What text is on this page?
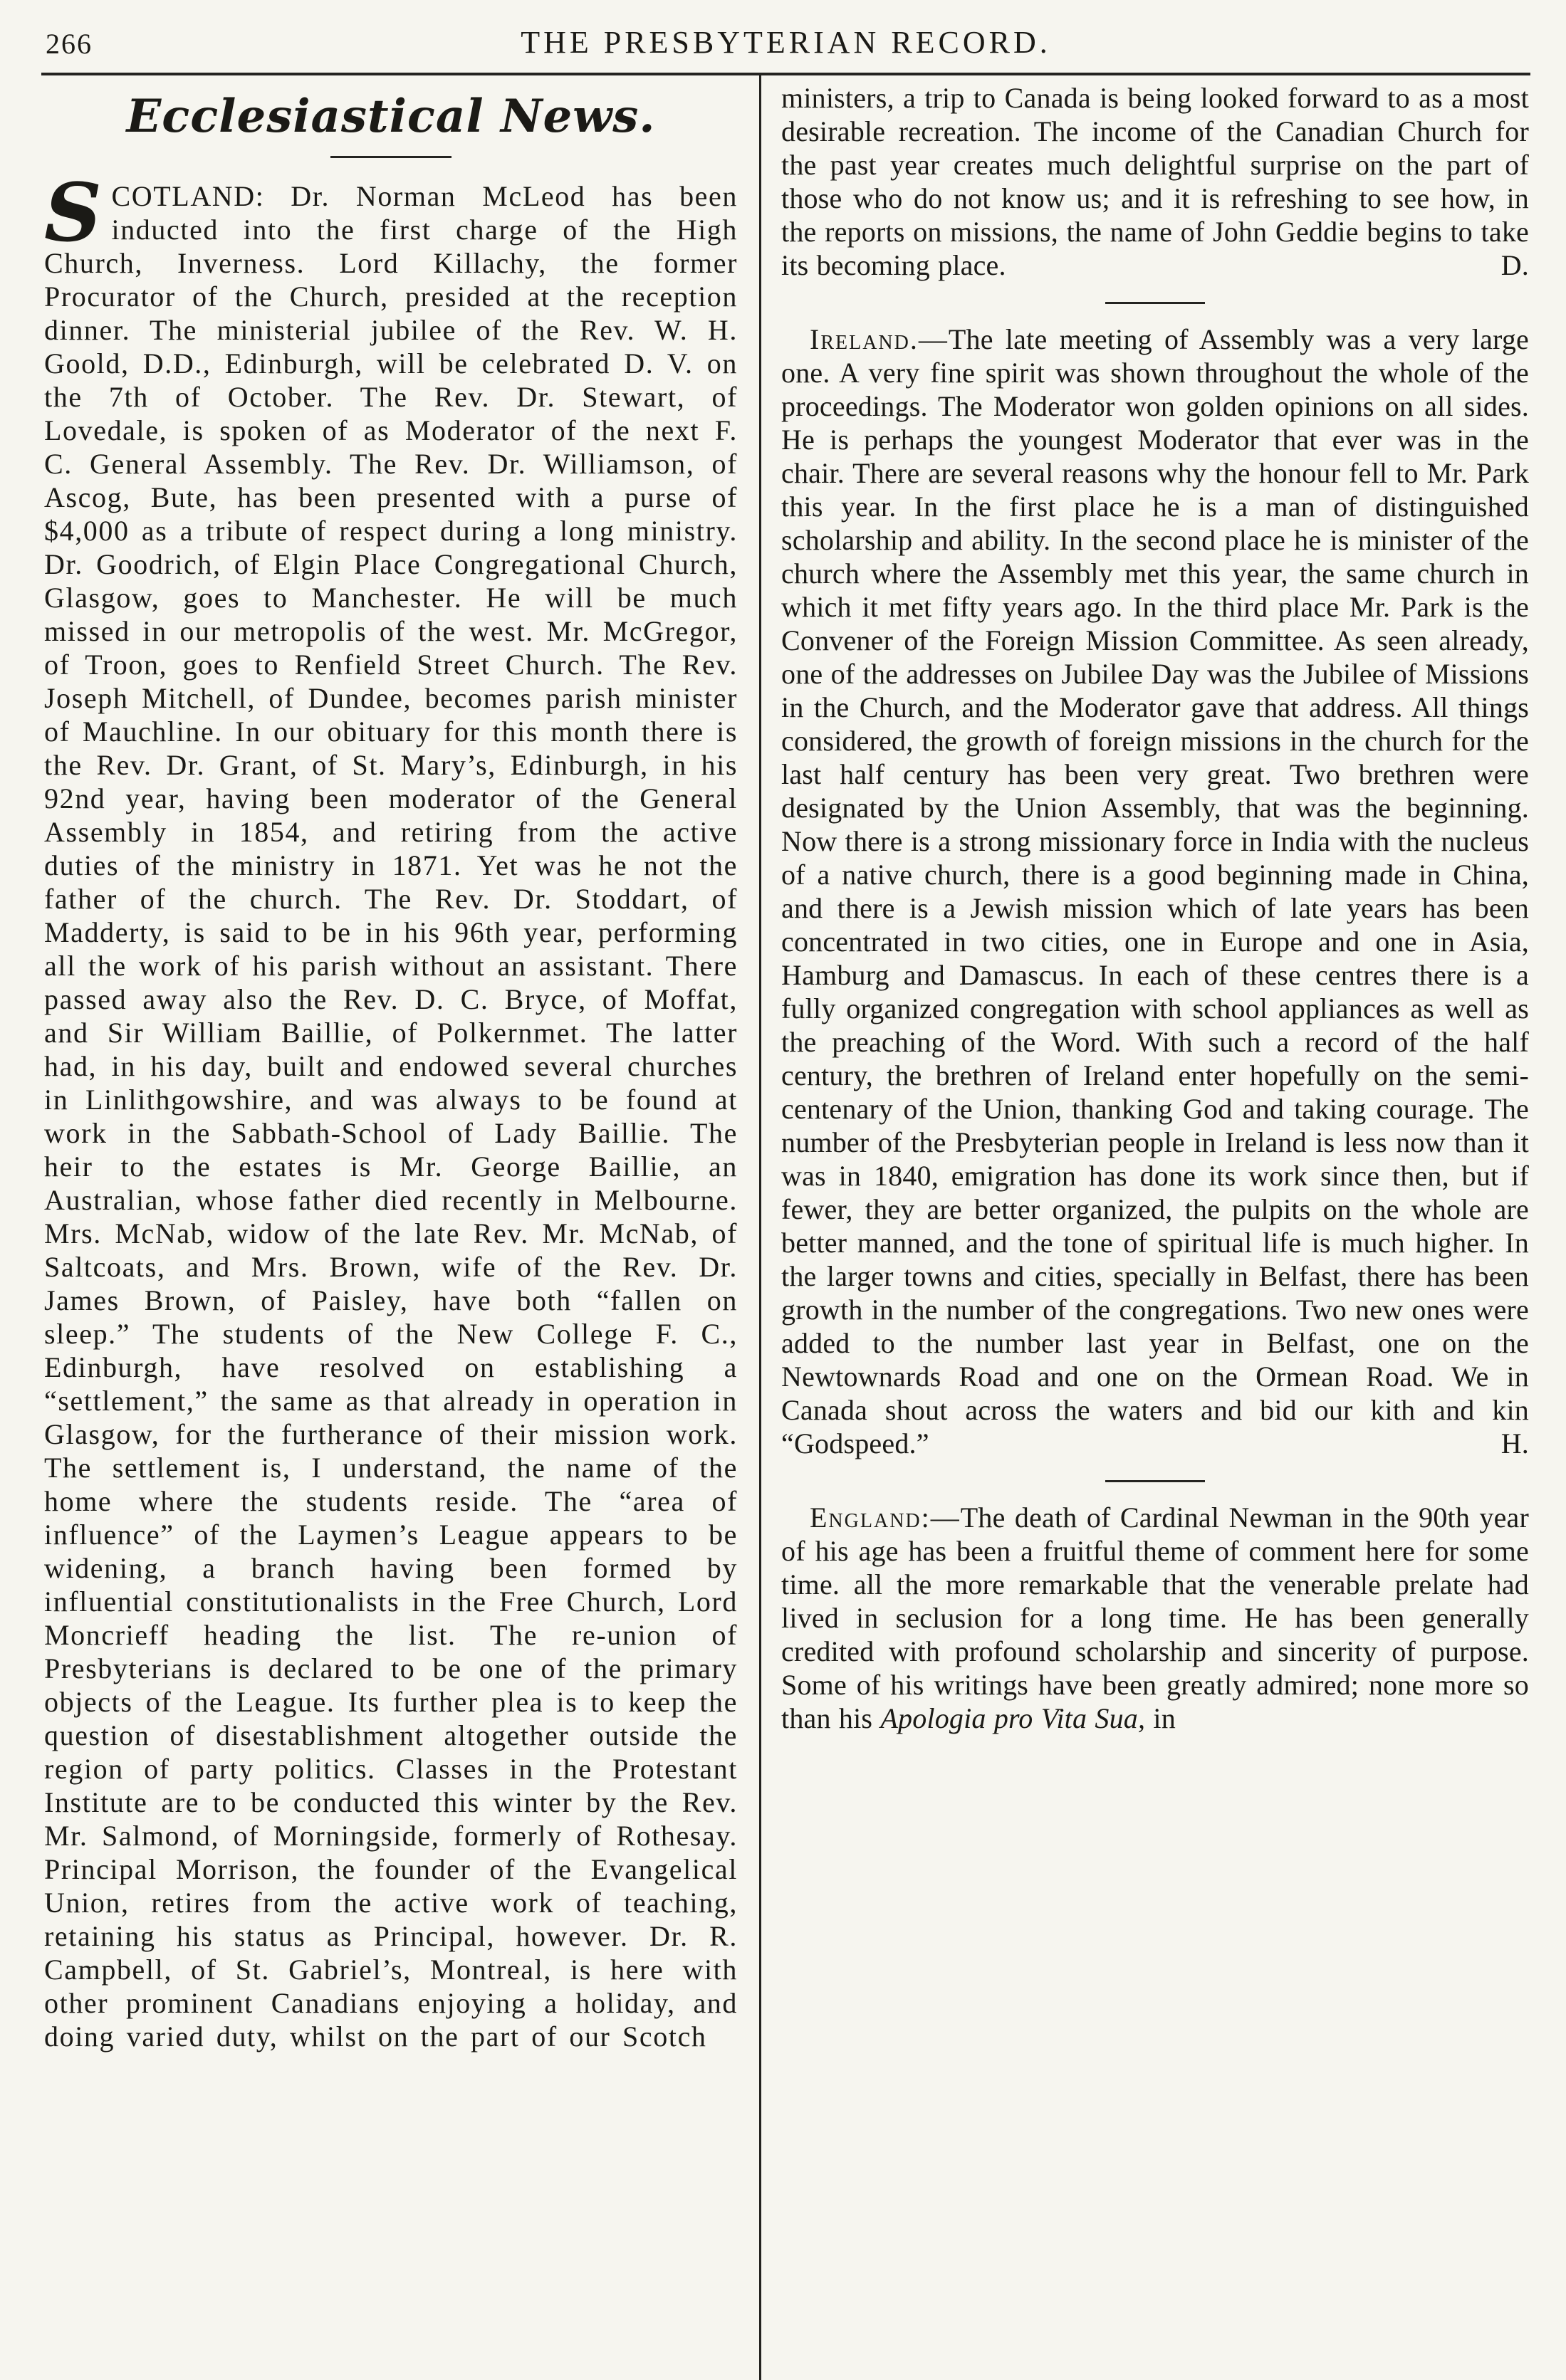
266	THE PRESBYTERIAN RECORD.
Ecclesiastical News.

SCOTLAND: Dr. Norman McLeod has been inducted into the first charge of the High Church, Inverness. Lord Killachy, the former Procurator of the Church, presided at the reception dinner. The ministerial jubilee of the Rev. W. H. Goold, D.D., Edinburgh, will be celebrated D. V. on the 7th of October. The Rev. Dr. Stewart, of Lovedale, is spoken of as Moderator of the next F. C. General Assembly. The Rev. Dr. Williamson, of Ascog, Bute, has been presented with a purse of $4,000 as a tribute of respect during a long ministry. Dr. Goodrich, of Elgin Place Congregational Church, Glasgow, goes to Manchester. He will be much missed in our metropolis of the west. Mr. McGregor, of Troon, goes to Renfield Street Church. The Rev. Joseph Mitchell, of Dundee, becomes parish minister of Mauchline. In our obituary for this month there is the Rev. Dr. Grant, of St. Mary’s, Edinburgh, in his 92nd year, having been moderator of the General Assembly in 1854, and retiring from the active duties of the ministry in 1871. Yet was he not the father of the church. The Rev. Dr. Stoddart, of Madderty, is said to be in his 96th year, performing all the work of his parish without an assistant. There passed away also the Rev. D. C. Bryce, of Moffat, and Sir William Baillie, of Polkernmet. The latter had, in his day, built and endowed several churches in Linlithgowshire, and was always to be found at work in the Sabbath-School of Lady Baillie. The heir to the estates is Mr. George Baillie, an Australian, whose father died recently in Melbourne. Mrs. McNab, widow of the late Rev. Mr. McNab, of Saltcoats, and Mrs. Brown, wife of the Rev. Dr. James Brown, of Paisley, have both “fallen on sleep.” The students of the New College F. C., Edinburgh, have resolved on establishing a “settlement,” the same as that already in operation in Glasgow, for the furtherance of their mission work. The settlement is, I understand, the name of the home where the students reside. The “area of influence” of the Laymen’s League appears to be widening, a branch having been formed by influential constitutionalists in the Free Church, Lord Moncrieff heading the list. The re-union of Presbyterians is declared to be one of the primary objects of the League. Its further plea is to keep the question of disestablishment altogether outside the region of party politics. Classes in the Protestant Institute are to be conducted this winter by the Rev. Mr. Salmond, of Morningside, formerly of Rothesay. Principal Morrison, the founder of the Evangelical Union, retires from the active work of teaching, retaining his status as Principal, however. Dr. R. Campbell, of St. Gabriel’s, Montreal, is here with other prominent Canadians enjoying a holiday, and doing varied duty, whilst on the part of our Scotch

ministers, a trip to Canada is being looked forward to as a most desirable recreation. The income of the Canadian Church for the past year creates much delightful surprise on the part of those who do not know us; and it is refreshing to see how, in the reports on missions, the name of John Geddie begins to take its becoming place.	D.

Ireland.—The late meeting of Assembly was a very large one. A very fine spirit was shown throughout the whole of the proceedings. The Moderator won golden opinions on all sides. He is perhaps the youngest Moderator that ever was in the chair. There are several reasons why the honour fell to Mr. Park this year. In the first place he is a man of distinguished scholarship and ability. In the second place he is minister of the church where the Assembly met this year, the same church in which it met fifty years ago. In the third place Mr. Park is the Convener of the Foreign Mission Committee. As seen already, one of the addresses on Jubilee Day was the Jubilee of Missions in the Church, and the Moderator gave that address. All things considered, the growth of foreign missions in the church for the last half century has been very great. Two brethren were designated by the Union Assembly, that was the beginning. Now there is a strong missionary force in India with the nucleus of a native church, there is a good beginning made in China, and there is a Jewish mission which of late years has been concentrated in two cities, one in Europe and one in Asia, Hamburg and Damascus. In each of these centres there is a fully organized congregation with school appliances as well as the preaching of the Word. With such a record of the half century, the brethren of Ireland enter hopefully on the semi-centenary of the Union, thanking God and taking courage. The number of the Presbyterian people in Ireland is less now than it was in 1840, emigration has done its work since then, but if fewer, they are better organized, the pulpits on the whole are better manned, and the tone of spiritual life is much higher. In the larger towns and cities, specially in Belfast, there has been growth in the number of the congregations. Two new ones were added to the number last year in Belfast, one on the Newtownards Road and one on the Ormean Road. We in Canada shout across the waters and bid our kith and kin “Godspeed.”	H.

England:—The death of Cardinal Newman in the 90th year of his age has been a fruitful theme of comment here for some time. all the more remarkable that the venerable prelate had lived in seclusion for a long time. He has been generally credited with profound scholarship and sincerity of purpose. Some of his writings have been greatly admired; none more so than his Apologia pro Vita Sua, in
